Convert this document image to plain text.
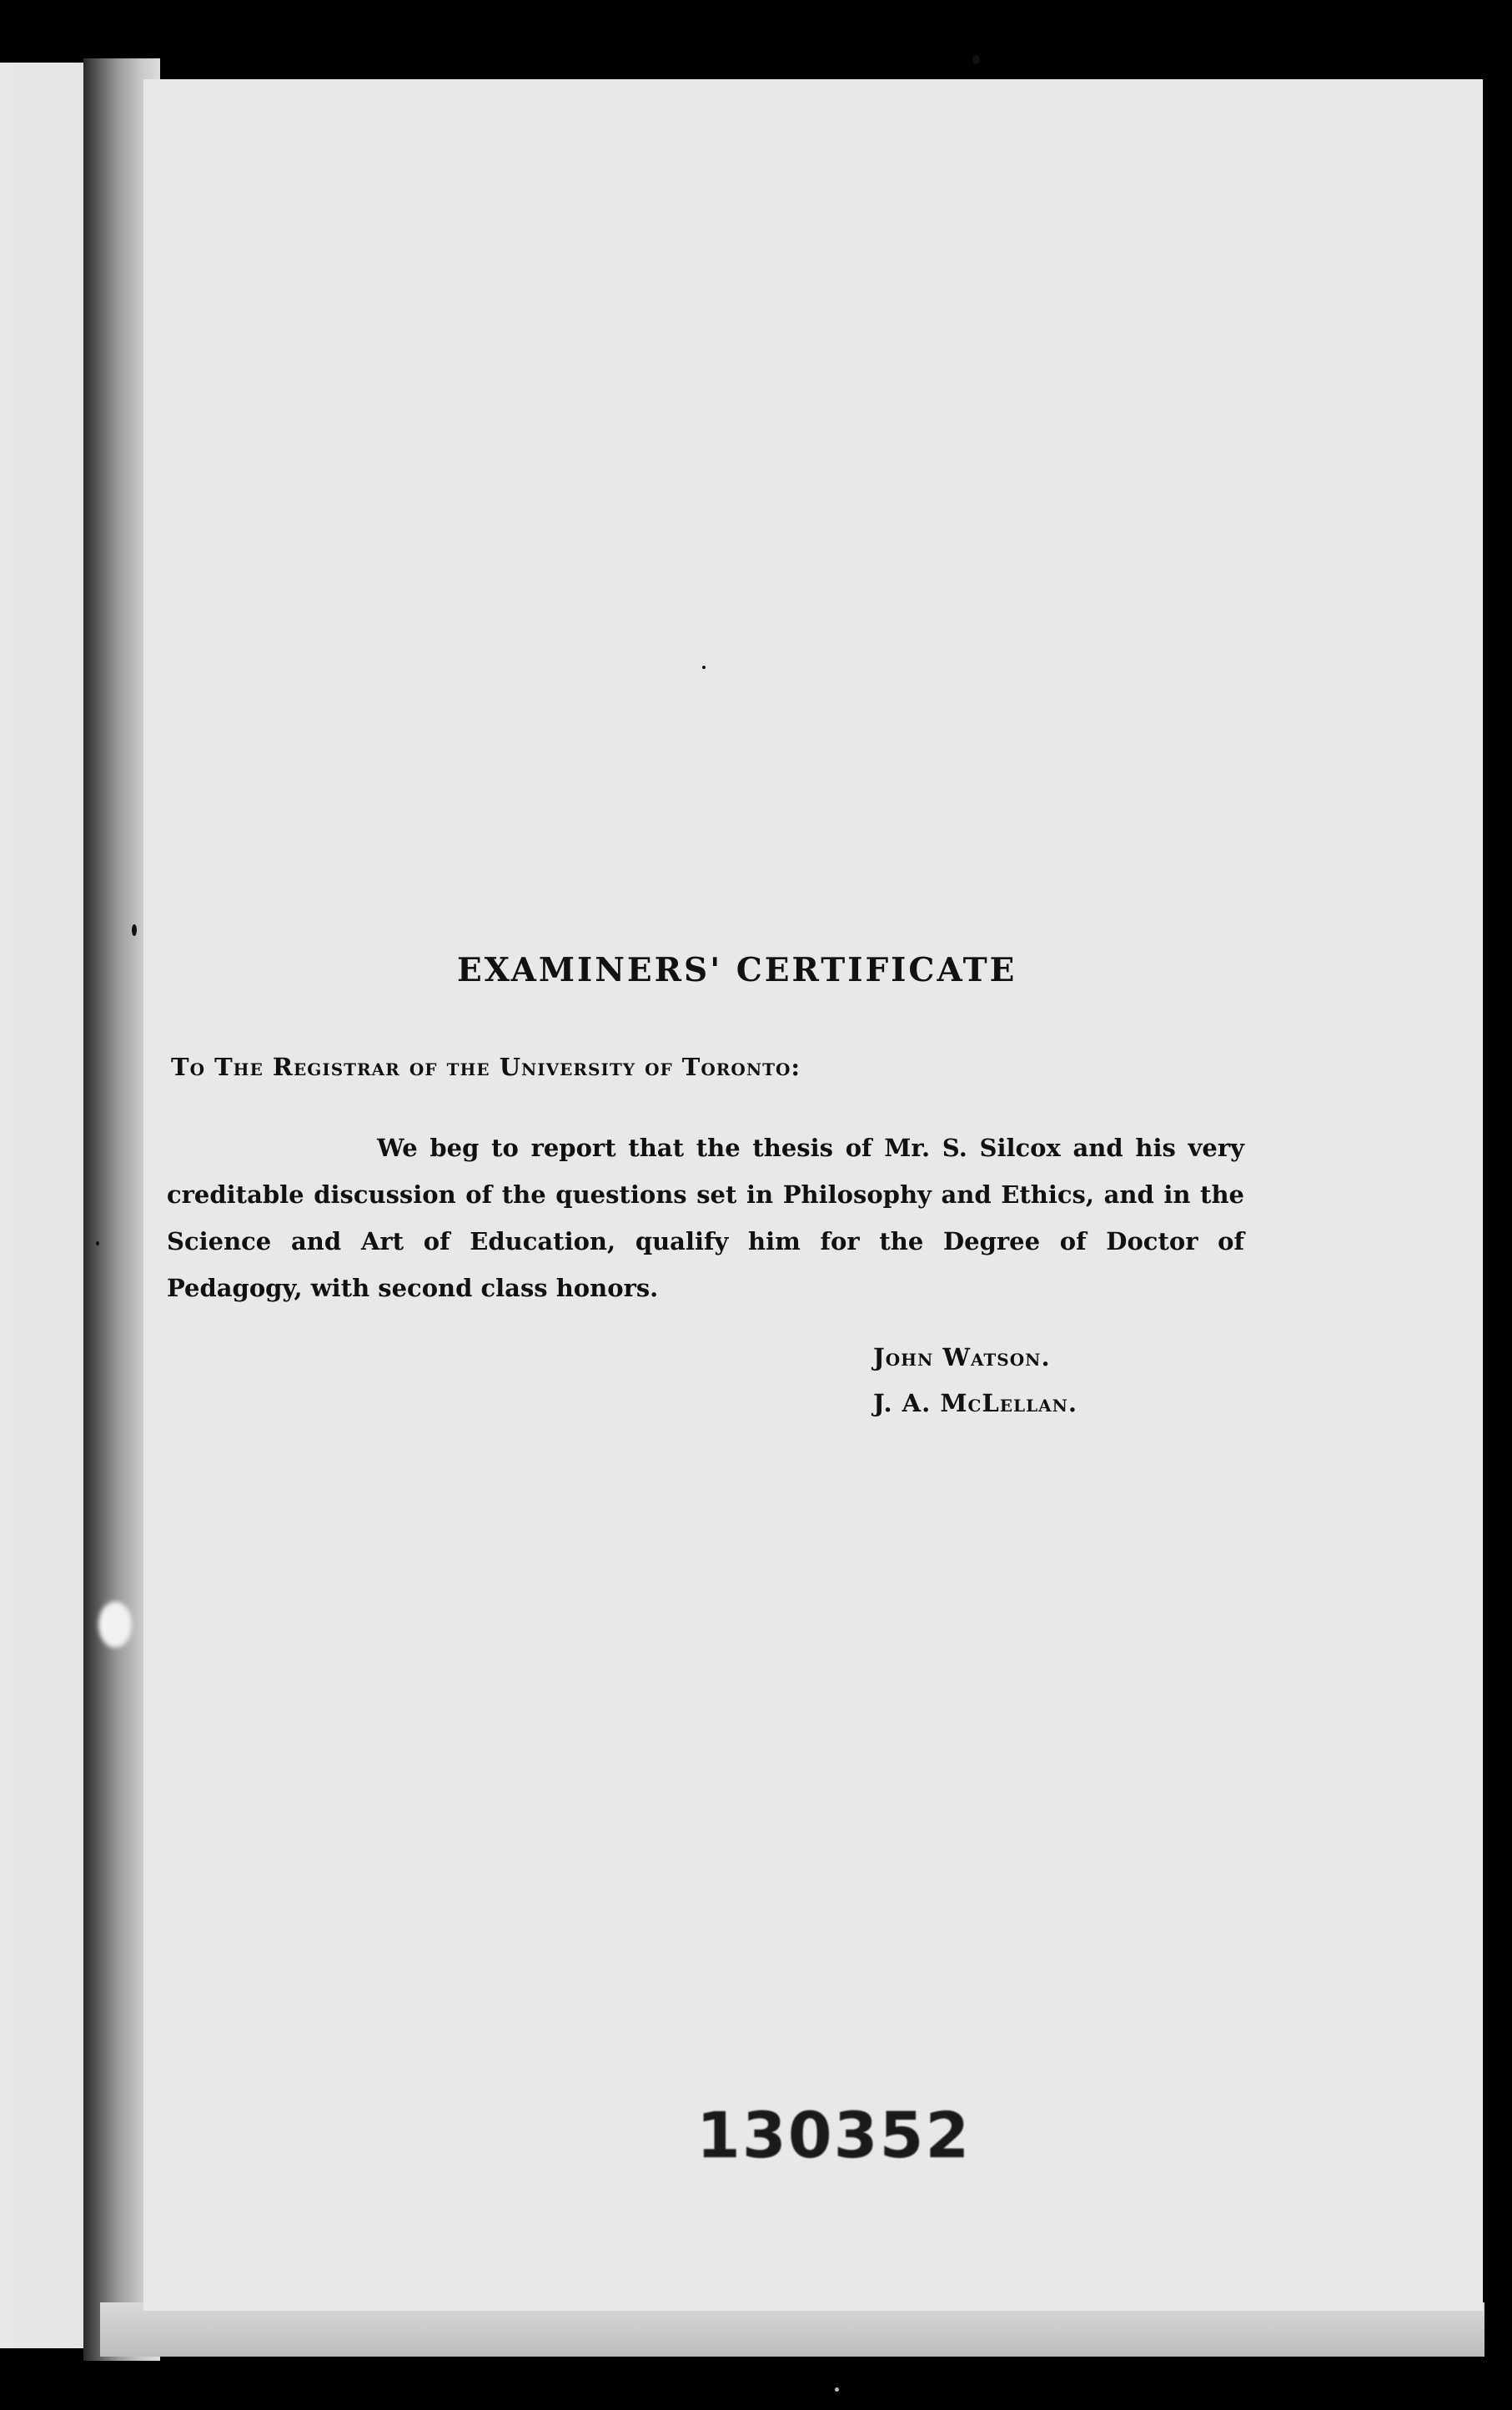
EXAMINERS' CERTIFICATE
To The Registrar of the University of Toronto:
We beg to report that the thesis of Mr. S. Silcox and his very creditable discussion of the questions set in Philosophy and Ethics, and in the Science and Art of Education, qualify him for the Degree of Doctor of Pedagogy, with second class honors.
John Watson.
J. A. McLellan.
130352
